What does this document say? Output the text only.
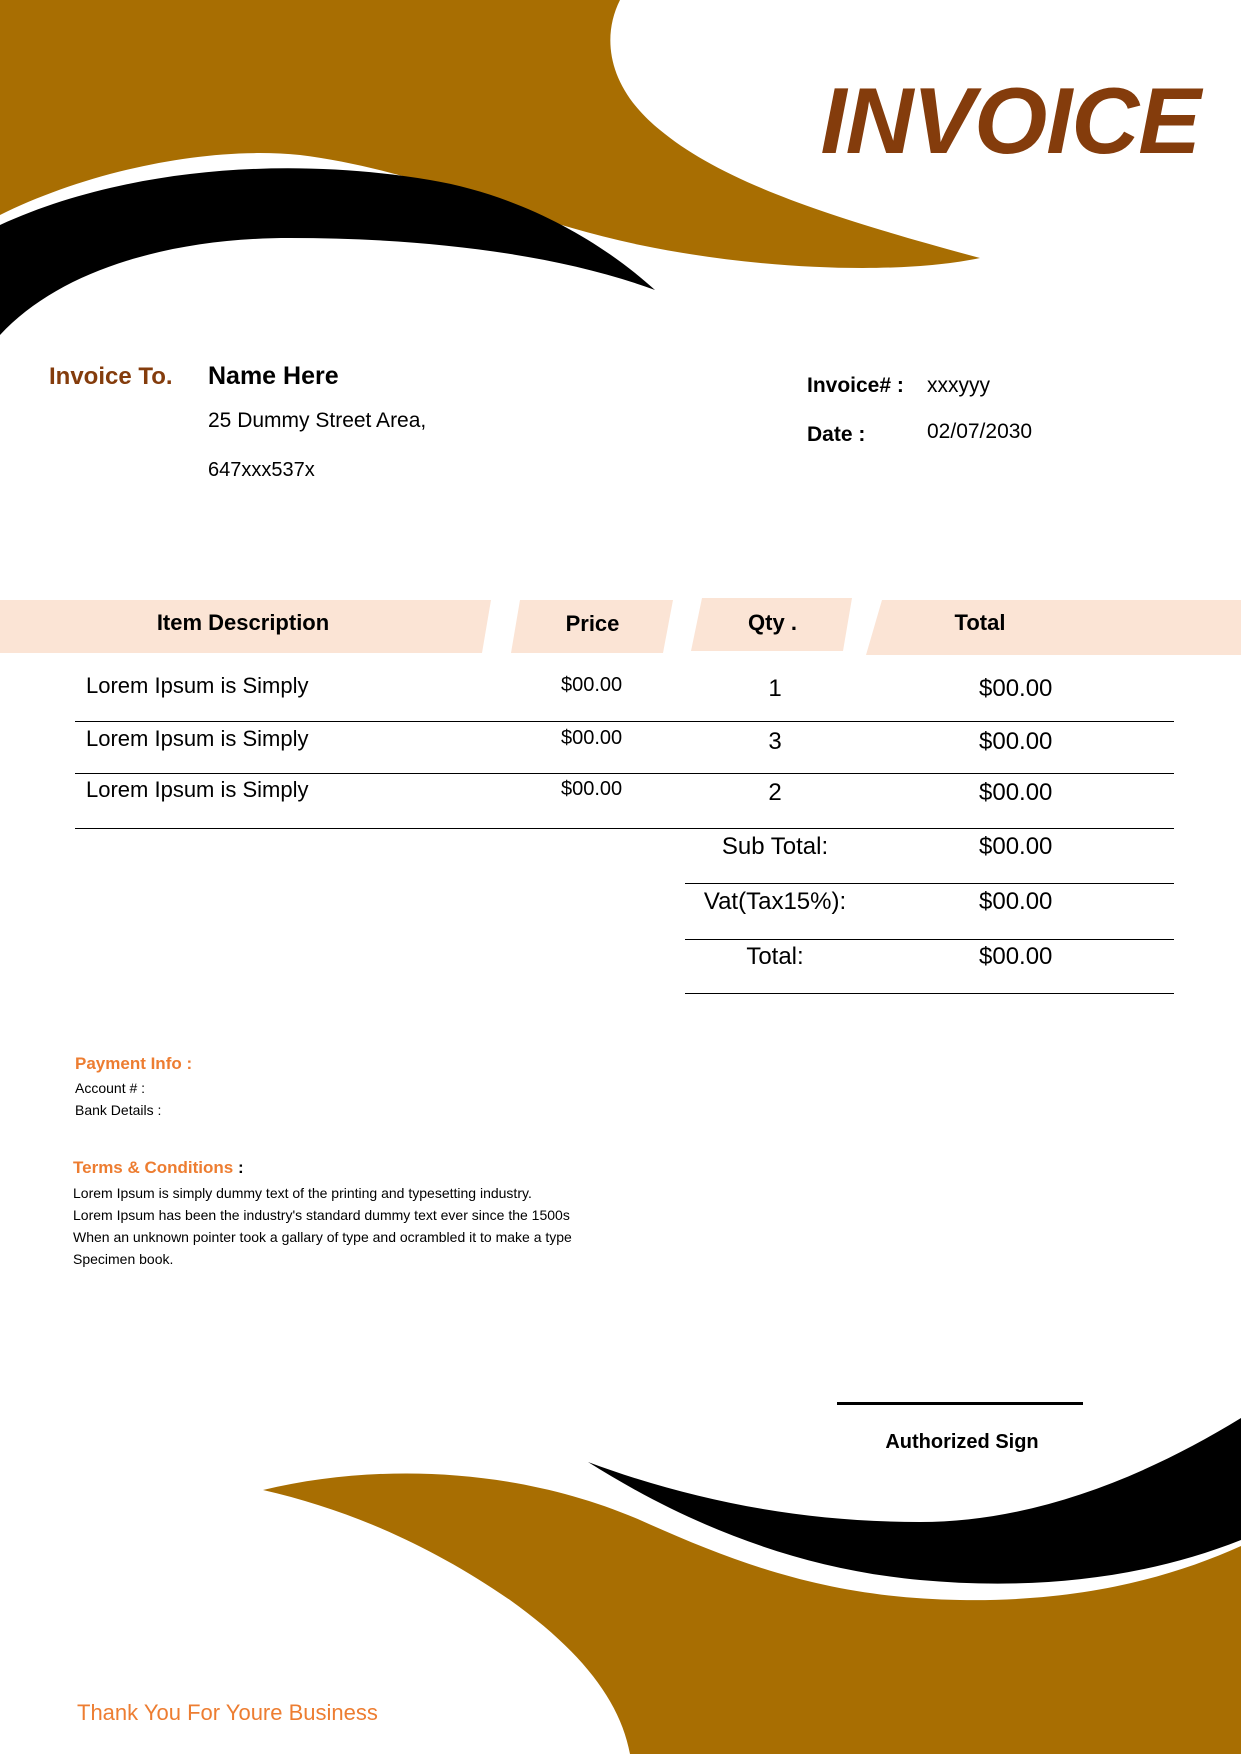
INVOICE
Invoice To. Name Here
25 Dummy Street Area,
647xxx537x
Invoice# : xxxyyy
Date :	02/07/2030
Item Description	Price	Qty .	Total
Lorem Ipsum is Simply	$00.00	1	$00.00
Lorem Ipsum is Simply	$00.00	3	$00.00
Lorem Ipsum is Simply	$00.00	2	$00.00
Sub Total:	$00.00
Vat(Tax15%):	$00.00
Total:	$00.00
Payment Info :
Account # :
Bank Details :
Terms & Conditions :
Lorem Ipsum is simply dummy text of the printing and typesetting industry.
Lorem Ipsum has been the industry's standard dummy text ever since the 1500s
When an unknown pointer took a gallary of type and ocrambled it to make a type
Specimen book.
Authorized Sign
Thank You For Youre Business
